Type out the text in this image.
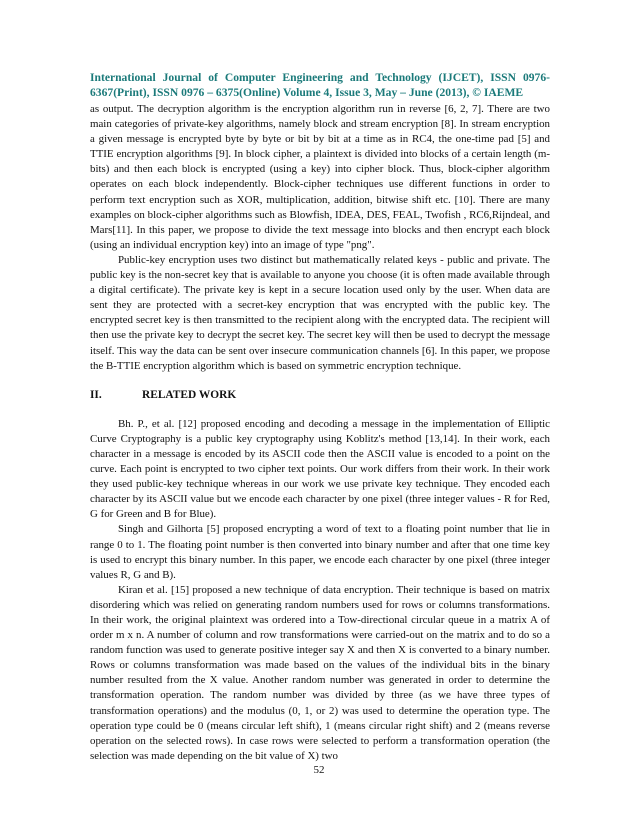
International Journal of Computer Engineering and Technology (IJCET), ISSN 0976-6367(Print), ISSN 0976 – 6375(Online) Volume 4, Issue 3, May – June (2013), © IAEME

as output. The decryption algorithm is the encryption algorithm run in reverse [6, 2, 7]. There are two main categories of private-key algorithms, namely block and stream encryption [8]. In stream encryption a given message is encrypted byte by byte or bit by bit at a time as in RC4, the one-time pad [5] and TTIE encryption algorithms [9]. In block cipher, a plaintext is divided into blocks of a certain length (m-bits) and then each block is encrypted (using a key) into cipher block. Thus, block-cipher algorithm operates on each block independently. Block-cipher techniques use different functions in order to perform text encryption such as XOR, multiplication, addition, bitwise shift etc. [10]. There are many examples on block-cipher algorithms such as Blowfish, IDEA, DES, FEAL, Twofish , RC6,Rijndeal, and Mars[11]. In this paper, we propose to divide the text message into blocks and then encrypt each block (using an individual encryption key) into an image of type "png".

Public-key encryption uses two distinct but mathematically related keys - public and private. The public key is the non-secret key that is available to anyone you choose (it is often made available through a digital certificate). The private key is kept in a secure location used only by the user. When data are sent they are protected with a secret-key encryption that was encrypted with the public key. The encrypted secret key is then transmitted to the recipient along with the encrypted data. The recipient will then use the private key to decrypt the secret key. The secret key will then be used to decrypt the message itself. This way the data can be sent over insecure communication channels [6]. In this paper, we propose the B-TTIE encryption algorithm which is based on symmetric encryption technique.

II.	RELATED WORK

Bh. P., et al. [12] proposed encoding and decoding a message in the implementation of Elliptic Curve Cryptography is a public key cryptography using Koblitz's method [13,14]. In their work, each character in a message is encoded by its ASCII code then the ASCII value is encoded to a point on the curve. Each point is encrypted to two cipher text points. Our work differs from their work. In their work they used public-key technique whereas in our work we use private key technique. They encoded each character by its ASCII value but we encode each character by one pixel (three integer values - R for Red, G for Green and B for Blue).

Singh and Gilhorta [5] proposed encrypting a word of text to a floating point number that lie in range 0 to 1. The floating point number is then converted into binary number and after that one time key is used to encrypt this binary number. In this paper, we encode each character by one pixel (three integer values R, G and B).

Kiran et al. [15] proposed a new technique of data encryption. Their technique is based on matrix disordering which was relied on generating random numbers used for rows or columns transformations. In their work, the original plaintext was ordered into a Tow-directional circular queue in a matrix A of order m x n. A number of column and row transformations were carried-out on the matrix and to do so a random function was used to generate positive integer say X and then X is converted to a binary number. Rows or columns transformation was made based on the values of the individual bits in the binary number resulted from the X value. Another random number was generated in order to determine the transformation operation. The random number was divided by three (as we have three types of transformation operations) and the modulus (0, 1, or 2) was used to determine the operation type. The operation type could be 0 (means circular left shift), 1 (means circular right shift) and 2 (means reverse operation on the selected rows). In case rows were selected to perform a transformation operation (the selection was made depending on the bit value of X) two

52
